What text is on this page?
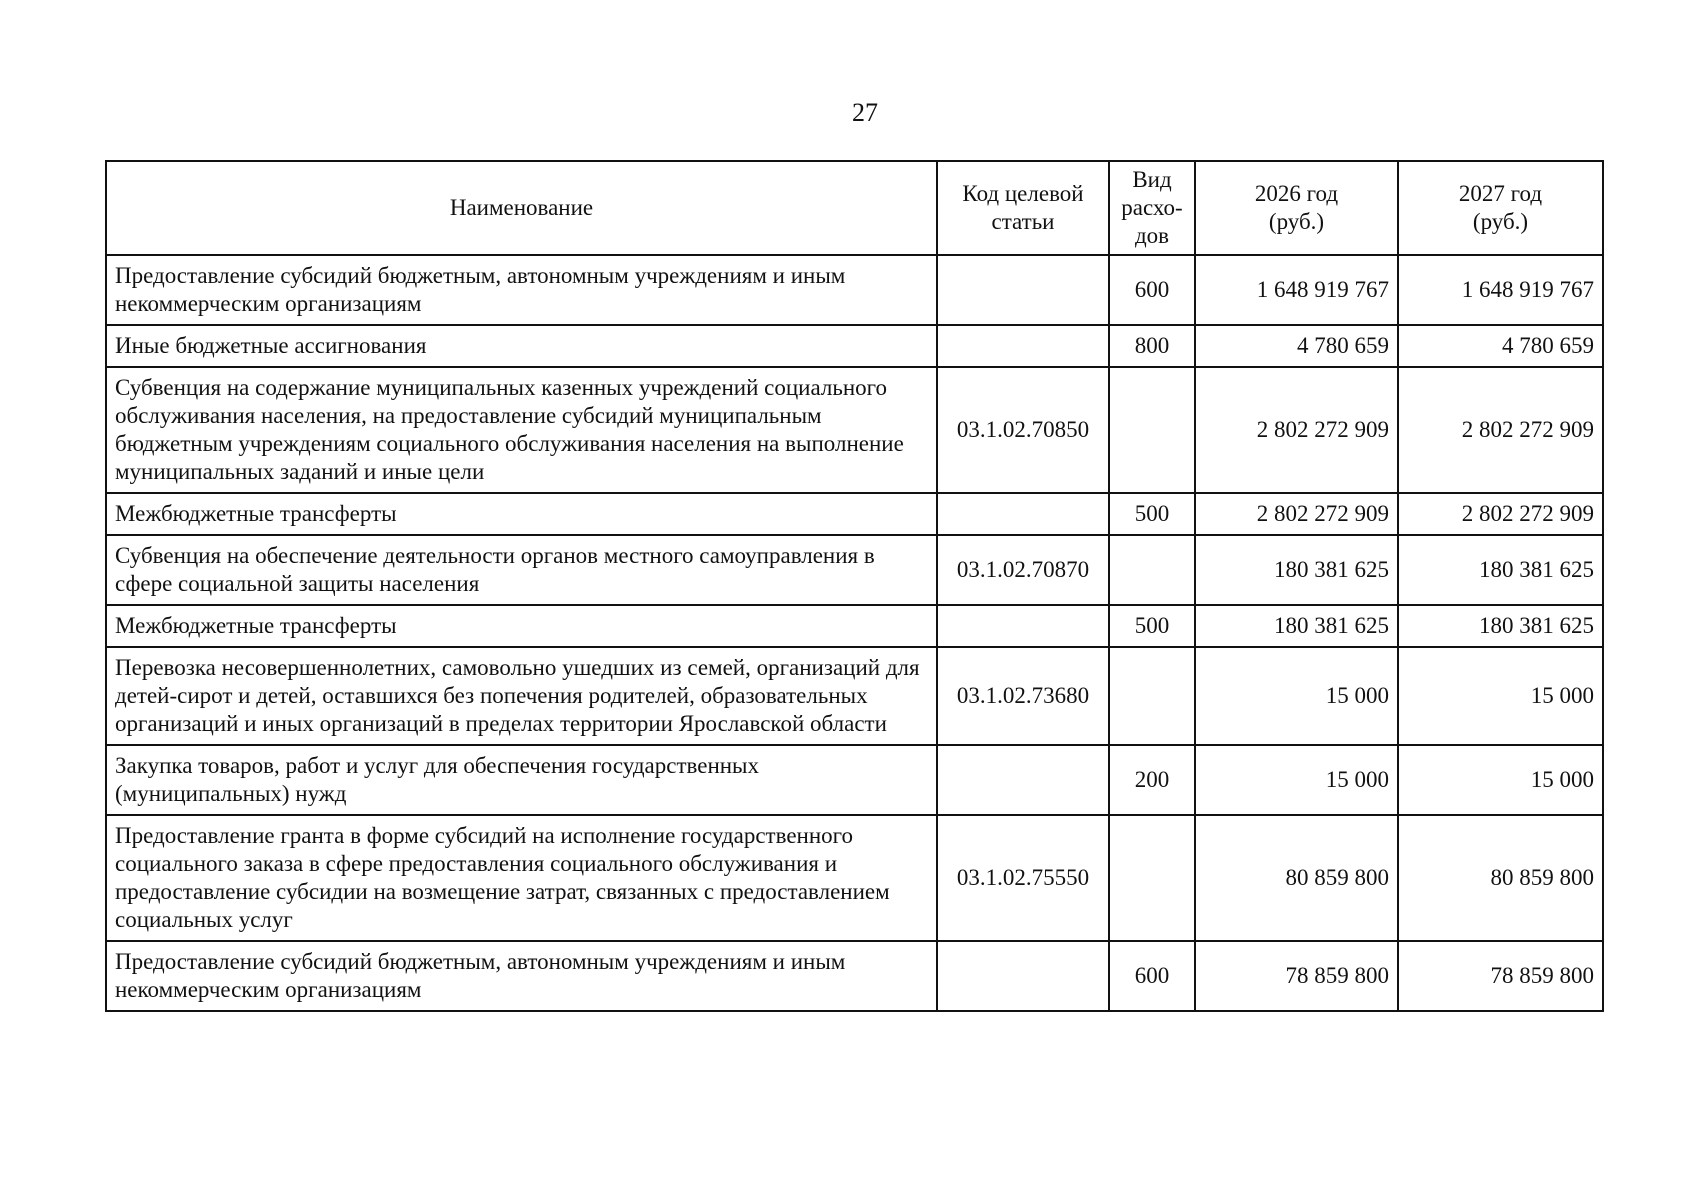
27
Наименование	Код целевой статьи	Вид расхо-дов	2026 год (руб.)	2027 год (руб.)
Предоставление субсидий бюджетным, автономным учреждениям и иным некоммерческим организациям		600	1 648 919 767	1 648 919 767
Иные бюджетные ассигнования		800	4 780 659	4 780 659
Субвенция на содержание муниципальных казенных учреждений социального обслуживания населения, на предоставление субсидий муниципальным бюджетным учреждениям социального обслуживания населения на выполнение муниципальных заданий и иные цели	03.1.02.70850		2 802 272 909	2 802 272 909
Межбюджетные трансферты		500	2 802 272 909	2 802 272 909
Субвенция на обеспечение деятельности органов местного самоуправления в сфере социальной защиты населения	03.1.02.70870		180 381 625	180 381 625
Межбюджетные трансферты		500	180 381 625	180 381 625
Перевозка несовершеннолетних, самовольно ушедших из семей, организаций для детей-сирот и детей, оставшихся без попечения родителей, образовательных организаций и иных организаций в пределах территории Ярославской области	03.1.02.73680		15 000	15 000
Закупка товаров, работ и услуг для обеспечения государственных (муниципальных) нужд		200	15 000	15 000
Предоставление гранта в форме субсидий на исполнение государственного социального заказа в сфере предоставления социального обслуживания и предоставление субсидии на возмещение затрат, связанных с предоставлением социальных услуг	03.1.02.75550		80 859 800	80 859 800
Предоставление субсидий бюджетным, автономным учреждениям и иным некоммерческим организациям		600	78 859 800	78 859 800
